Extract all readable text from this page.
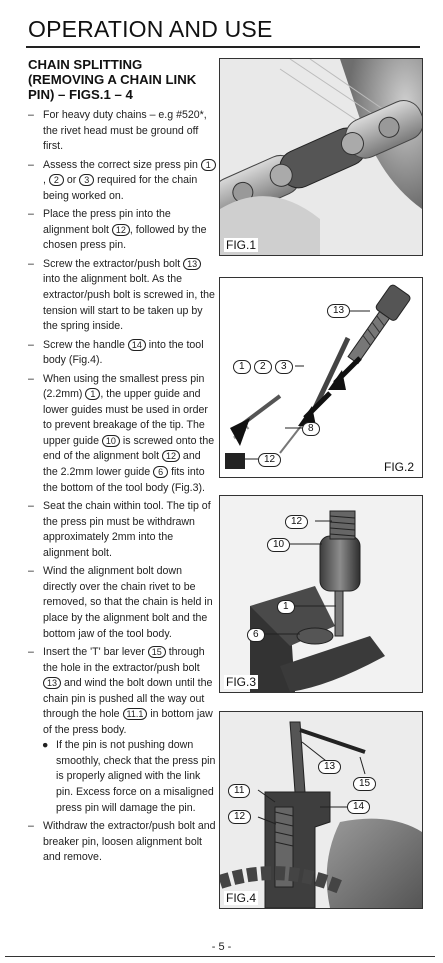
OPERATION AND USE
CHAIN SPLITTING (REMOVING A CHAIN LINK PIN) – FIGS.1 – 4
– For heavy duty chains – e.g #520*, the rivet head must be ground off first.
– Assess the correct size press pin 1, 2 or 3 required for the chain being worked on.
– Place the press pin into the alignment bolt 12 , followed by the chosen press pin.
– Screw the extractor/push bolt 13 into the alignment bolt. As the extractor/push bolt is screwed in, the tension will start to be taken up by the spring inside.
– Screw the handle 14 into the tool body (Fig.4).
– When using the smallest press pin (2.2mm) 1 , the upper guide and lower guides must be used in order to prevent breakage of the tip. The upper guide 10 is screwed onto the end of the alignment bolt 12 and the 2.2mm lower guide 6 fits into the bottom of the tool body (Fig.3).
– Seat the chain within tool. The tip of the press pin must be withdrawn approximately 2mm into the alignment bolt.
– Wind the alignment bolt down directly over the chain rivet to be removed, so that the chain is held in place by the alignment bolt and the bottom jaw of the tool body.
– Insert the 'T' bar lever 15 through the hole in the extractor/push bolt 13 and wind the bolt down until the chain pin is pushed all the way out through the hole 11.1 in bottom jaw of the press body.
● If the pin is not pushing down smoothly, check that the press pin is properly aligned with the link pin. Excess force on a misaligned press pin will damage the pin.
– Withdraw the extractor/push bolt and breaker pin, loosen alignment bolt and remove.
FIG.1
13
1	2	3
8
12
FIG.2
12
10
1
6
FIG.3
13
11
15
14
12
FIG.4
- 5 -
